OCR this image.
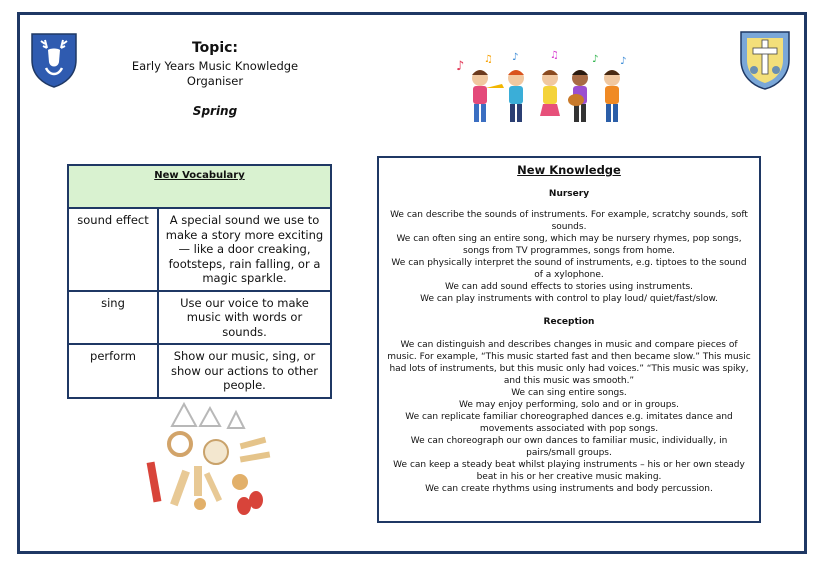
Topic:
Early Years Music Knowledge Organiser
Spring
♪ ♫ ♪	♫	♪ ♪
New Vocabulary	
sound effect	A special sound we use to make a story more exciting — like a door creaking, footsteps, rain falling, or a magic sparkle.
sing	Use our voice to make music with words or sounds.
perform	Show our music, sing, or show our actions to other people.
New Knowledge
Nursery
We can describe the sounds of instruments. For example, scratchy sounds, soft sounds.
We can often sing an entire song, which may be nursery rhymes, pop songs, songs from TV programmes, songs from home.
We can physically interpret the sound of instruments, e.g. tiptoes to the sound of a xylophone.
We can add sound effects to stories using instruments.
We can play instruments with control to play loud/ quiet/fast/slow.
Reception
We can distinguish and describes changes in music and compare pieces of music. For example, “This music started fast and then became slow.” This music had lots of instruments, but this music only had voices.” “This music was spiky, and this music was smooth.”
We can sing entire songs.
We may enjoy performing, solo and or in groups.
We can replicate familiar choreographed dances e.g. imitates dance and movements associated with pop songs.
We can choreograph our own dances to familiar music, individually, in pairs/small groups.
We can keep a steady beat whilst playing instruments – his or her own steady beat in his or her creative music making.
We can create rhythms using instruments and body percussion.
